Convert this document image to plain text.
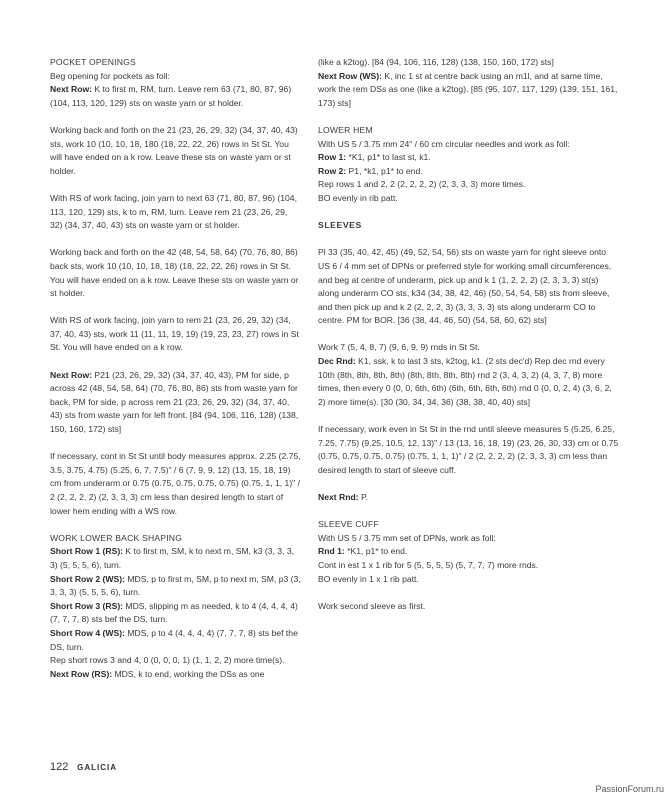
POCKET OPENINGS

Beg opening for pockets as foll:
Next Row: K to first m, RM, turn. Leave rem 63 (71, 80, 87, 96) (104, 113, 120, 129) sts on waste yarn or st holder.

Working back and forth on the 21 (23, 26, 29, 32) (34, 37, 40, 43) sts, work 10 (10, 10, 18, 180 (18, 22, 22, 26) rows in St St. You will have ended on a k row. Leave these sts on waste yarn or st holder.

With RS of work facing, join yarn to next 63 (71, 80, 87, 96) (104, 113, 120, 129) sts, k to m, RM, turn. Leave rem 21 (23, 26, 29, 32) (34, 37, 40, 43) sts on waste yarn or st holder.

Working back and forth on the 42 (48, 54, 58, 64) (70, 76, 80, 86) back sts, work 10 (10, 10, 18, 18) (18, 22, 22, 26) rows in St St. You will have ended on a k row. Leave these sts on waste yarn or st holder.

With RS of work facing, join yarn to rem 21 (23, 26, 29, 32) (34, 37, 40, 43) sts, work 11 (11, 11, 19, 19) (19, 23, 23, 27) rows in St St. You will have ended on a k row.

Next Row: P21 (23, 26, 29, 32) (34, 37, 40, 43), PM for side, p across 42 (48, 54, 58, 64) (70, 76, 80, 86) sts from waste yarn for back, PM for side, p across rem 21 (23, 26, 29, 32) (34, 37, 40, 43) sts from waste yarn for left front. [84 (94, 106, 116, 128) (138, 150, 160, 172) sts]

If necessary, cont in St St until body measures approx. 2.25 (2.75, 3.5, 3.75, 4.75) (5.25, 6, 7, 7.5)" / 6 (7, 9, 9, 12) (13, 15, 18, 19) cm from underarm or 0.75 (0.75, 0.75, 0.75, 0.75) (0.75, 1, 1, 1)" / 2 (2, 2, 2, 2) (2, 3, 3, 3) cm less than desired length to start of lower hem ending with a WS row.

WORK LOWER BACK SHAPING

Short Row 1 (RS): K to first m, SM, k to next m, SM, k3 (3, 3, 3, 3) (5, 5, 5, 6), turn.
Short Row 2 (WS): MDS, p to first m, SM, p to next m, SM, p3 (3, 3, 3, 3) (5, 5, 5, 6), turn.
Short Row 3 (RS): MDS, slipping m as needed, k to 4 (4, 4, 4, 4) (7, 7, 7, 8) sts bef the DS, turn.
Short Row 4 (WS): MDS, p to 4 (4, 4, 4, 4) (7, 7, 7, 8) sts bef the DS, turn.
Rep short rows 3 and 4, 0 (0, 0, 0, 1) (1, 1, 2, 2) more time(s).
Next Row (RS): MDS, k to end, working the DSs as one

(like a k2tog). [84 (94, 106, 116, 128) (138, 150, 160, 172) sts]
Next Row (WS): K, inc 1 st at centre back using an m1l, and at same time, work the rem DSs as one (like a k2tog). [85 (95, 107, 117, 129) (139, 151, 161, 173) sts]

LOWER HEM

With US 5 / 3.75 mm 24" / 60 cm circular needles and work as foll:
Row 1: *K1, p1* to last st, k1.
Row 2: P1, *k1, p1* to end.
Rep rows 1 and 2, 2 (2, 2, 2, 2) (2, 3, 3, 3) more times.
BO evenly in rib patt.

SLEEVES

Pl 33 (35, 40, 42, 45) (49, 52, 54, 56) sts on waste yarn for right sleeve onto US 6 / 4 mm set of DPNs or preferred style for working small circumferences, and beg at centre of underarm, pick up and k 1 (1, 2, 2, 2) (2, 3, 3, 3) st(s) along underarm CO sts, k34 (34, 38, 42, 46) (50, 54, 54, 58) sts from sleeve, and then pick up and k 2 (2, 2, 2, 3) (3, 3, 3, 3) sts along underarm CO to centre. PM for BOR. [36 (38, 44, 46, 50) (54, 58, 60, 62) sts]

Work 7 (5, 4, 8, 7) (9, 6, 9, 9) rnds in St St.
Dec Rnd: K1, ssk, k to last 3 sts, k2tog, k1. (2 sts dec'd) Rep dec rnd every 10th (8th, 8th, 8th, 8th) (8th, 8th, 8th, 8th) rnd 2 (3, 4, 3, 2) (4, 3, 7, 8) more times, then every 0 (0, 0, 6th, 6th) (6th, 6th, 6th, 6th) rnd 0 (0, 0, 2, 4) (3, 6, 2, 2) more time(s). [30 (30, 34, 34, 36) (38, 38, 40, 40) sts]

If necessary, work even in St St in the rnd until sleeve measures 5 (5.25, 6.25, 7.25, 7.75) (9.25, 10.5, 12, 13)" / 13 (13, 16, 18, 19) (23, 26, 30, 33) cm or 0.75 (0.75, 0.75, 0.75, 0.75) (0.75, 1, 1, 1)" / 2 (2, 2, 2, 2) (2, 3, 3, 3) cm less than desired length to start of sleeve cuff.

Next Rnd: P.

SLEEVE CUFF

With US 5 / 3.75 mm set of DPNs, work as foll:
Rnd 1: *K1, p1* to end.
Cont in est 1 x 1 rib for 5 (5, 5, 5, 5) (5, 7, 7, 7) more rnds.
BO evenly in 1 x 1 rib patt.

Work second sleeve as first.

122 GALICIA
PassionForum.ru
